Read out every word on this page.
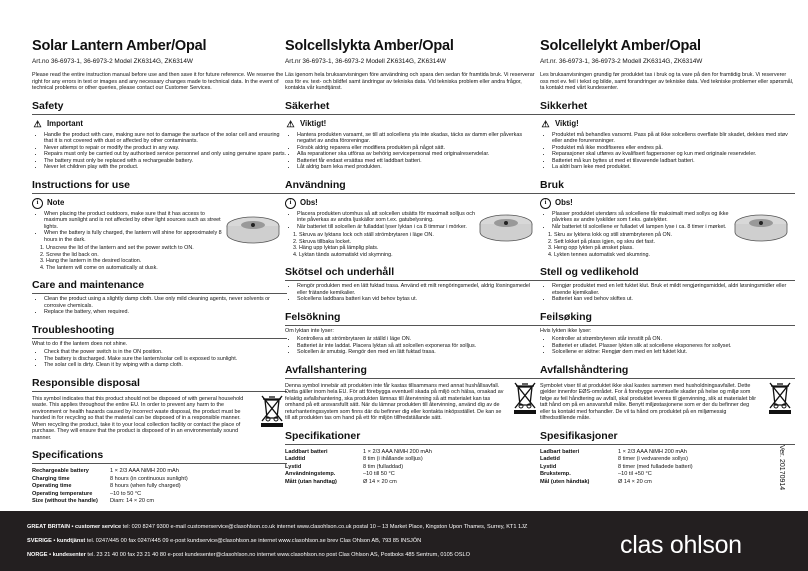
Solar Lantern Amber/Opal
Art.no 36-6973-1, 36-6973-2 Model ZK6314G, ZK6314W
Please read the entire instruction manual before use and then save it for future reference. We reserve the right for any errors in text or images and any necessary changes made to technical data. In the event of technical problems or other queries, please contact our Customer Services.
Safety
⚠ Important
• Handle the product with care, making sure not to damage the surface of the solar cell and ensuring that it is not covered with dust or affected by other contaminants.
• Never attempt to repair or modify the product in any way.
• Repairs must only be carried out by authorised service personnel and only using genuine spare parts.
• The battery must only be replaced with a rechargeable battery.
• Never let children play with the product.
Instructions for use
i	Note
• When placing the product outdoors, make sure that it has access to maximum sunlight and is not affected by other light sources such as street lights.
• When the battery is fully charged, the lantern will shine for approximately 8 hours in the dark.
1. Unscrew the lid of the lantern and set the power switch to ON.
2. Screw the lid back on.
3. Hang the lantern in the desired location.
4. The lantern will come on automatically at dusk.
Care and maintenance
• Clean the product using a slightly damp cloth. Use only mild cleaning agents, never solvents or corrosive chemicals.
• Replace the battery, when required.
Troubleshooting
What to do if the lantern does not shine.
• Check that the power switch is in the ON position.
• The battery is discharged. Make sure the lantern/solar cell is exposed to sunlight.
• The solar cell is dirty. Clean it by wiping with a damp cloth.
Responsible disposal
This symbol indicates that this product should not be disposed of with general household waste. This applies throughout the entire EU. In order to prevent any harm to the environment or health hazards caused by incorrect waste disposal, the product must be handed in for recycling so that the material can be disposed of in a responsible manner. When recycling the product, take it to your local collection facility or contact the place of purchase. They will ensure that the product is disposed of in an environmentally sound manner.
Specifications
Rechargeable battery	1 × 2/3 AAA NiMH 200 mAh
Charging time	8 hours (in continuous sunlight)
Operating time	8 hours (when fully charged)
Operating temperature	–10 to 50 °C
Size (without the handle)	Diam: 14 × 20 cm
Solcellslykta Amber/Opal
Art.nr 36-6973-1, 36-6973-2 Modell ZK6314G, ZK6314W
Läs igenom hela bruksanvisningen före användning och spara den sedan för framtida bruk. Vi reserverar oss för ev. text- och bildfel samt ändringar av tekniska data. Vid tekniska problem eller andra frågor, kontakta vår kundtjänst.
Säkerhet
⚠ Viktigt!
• Hantera produkten varsamt, se till att solcellens yta inte skadas, täcks av damm eller påverkas negativt av andra föroreningar.
• Försök aldrig reparera eller modifiera produkten på något sätt.
• Alla reparationer ska utföras av behörig servicepersonal med originalreservdelar.
• Batteriet får endast ersättas med ett laddbart batteri.
• Låt aldrig barn leka med produkten.
Användning
i	Obs!
• Placera produkten utomhus så att solcellen utsätts för maximalt solljus och inte påverkas av andra ljuskällor som t.ex. gatubelysning.
• När batteriet till solcellen är fulladdat lyser lyktan i ca 8 timmar i mörker.
1. Skruva av lyktans lock och ställ strömbrytaren i läge ON.
2. Skruva tillbaka locket.
3. Häng upp lyktan på lämplig plats.
4. Lyktan tänds automatiskt vid skymning.
Skötsel och underhåll
• Rengör produkten med en lätt fuktad trasa. Använd ett milt rengöringsmedel, aldrig lösningsmedel eller frätande kemikalier.
• Solcellens laddbara batteri kan vid behov bytas ut.
Felsökning
Om lyktan inte lyser:
• Kontrollera att strömbrytaren är ställd i läge ON.
• Batteriet är inte laddat. Placera lyktan så att solcellen exponeras för solljus.
• Solcellen är smutsig. Rengör den med en lätt fuktad trasa.
Avfallshantering
Denna symbol innebär att produkten inte får kastas tillsammans med annat hushållsavfall. Detta gäller inom hela EU. För att förebygga eventuell skada på miljö och hälsa, orsakad av felaktig avfallshantering, ska produkten lämnas till återvinning så att materialet kan tas omhand på ett ansvarsfullt sätt. När du lämnar produkten till återvinning, använd dig av de returhanteringssystem som finns där du befinner dig eller kontakta inköpsstället. De kan se till att produkten tas om hand på ett för miljön tillfredställande sätt.
Specifikationer
Laddbart batteri	1 × 2/3 AAA NiMH 200 mAh
Laddtid	8 tim (i ihållande solljus)
Lystid	8 tim (fulladdad)
Användningstemp.	–10 till 50 °C
Mått (utan handtag)	Ø 14 × 20 cm
Solcellelykt Amber/Opal
Art.nr. 36-6973-1, 36-6973-2 Modell ZK6314G, ZK6314W
Les bruksanvisningen grundig før produktet tas i bruk og ta vare på den for framtidig bruk. Vi reserverer oss mot ev. feil i tekst og bilde, samt forandringer av tekniske data. Ved tekniske problemer eller spørsmål, ta kontakt med vårt kundesenter.
Sikkerhet
⚠ Viktig!
• Produktet må behandles varsomt. Pass på at ikke solcellens overflate blir skadet, dekkes med støv eller andre forurensninger.
• Produktet må ikke modifiseres eller endres på.
• Reparasjoner skal utføres av kvalifisert fagpersoner og kun med originale reservdeler.
• Batteriet må kun byttes ut med et tilsvarende ladbart batteri.
• La aldri barn leke med produktet.
Bruk
i	Obs!
• Plasser produktet utendørs så solcellene får maksimalt med sollys og ikke påvirkes av andre lyskilder som f.eks. gatelykter.
• Når batteriet til solcellene er fulladet vil lampen lyse i ca. 8 timer i mørket.
1. Skru av lyktens lokk og still strømbryteren på ON.
2. Sett lokket på plass igjen, og skru det fast.
3. Heng opp lykten på ønsket plass.
4. Lykten tennes automatisk ved skumring.
Stell og vedlikehold
• Rengjør produktet med en lett fuktet klut. Bruk et mildt rengjøringsmiddel, aldri løsningsmidler eller etsende kjemikalier.
• Batteriet kan ved behov skiftes ut.
Feilsøking
Hvis lykten ikke lyser:
• Kontroller at strømbryteren står innstilt på ON.
• Batteriet er utladet. Plasser lykten slik at solcellene eksponeres for sollyset.
• Solcellene er skitne: Rengjør dem med en lett fuktet klut.
Avfallshåndtering
Symbolet viser til at produktet ikke skal kastes sammen med husholdningsavfallet. Dette gjelder innenfor EØS-området. For å forebygge eventuelle skader på helse og miljø som følge av feil håndtering av avfall, skal produktet leveres til gjenvinning, slik at materialet blir tatt hånd om på en ansvarsfull måte. Benytt miljøstasjonene som er der du befinner deg eller ta kontakt med forhandler. De vil ta hånd om produktet på en miljømessig tilfredsstillende måte.
Spesifikasjoner
Ladbart batteri	1 × 2/3 AAA NiMH 200 mAh
Ladetid	8 timer (i vedvarende sollys)
Lystid	8 timer (med fulladede batteri)
Brukstemp.	–10 til +50 °C
Mål (uten håndtak)	Ø 14 × 20 cm	Ver. 20170914
GREAT BRITAIN • customer service tel: 020 8247 9300 e-mail customerservice@clasohlson.co.uk internet www.clasohlson.co.uk postal 10 – 13 Market Place, Kingston Upon Thames, Surrey, KT1 1JZ
SVERIGE • kundtjänst tel. 0247/445 00 fax 0247/445 09 e-post kundservice@clasohlson.se internet www.clasohlson.se brev Clas Ohlson AB, 793 85 INSJÖN
NORGE • kundesenter tel. 23 21 40 00 fax 23 21 40 80 e-post kundesenter@clasohlson.no internet www.clasohlson.no post Clas Ohlson AS, Postboks 485 Sentrum, 0105 OSLO	clas ohlson
